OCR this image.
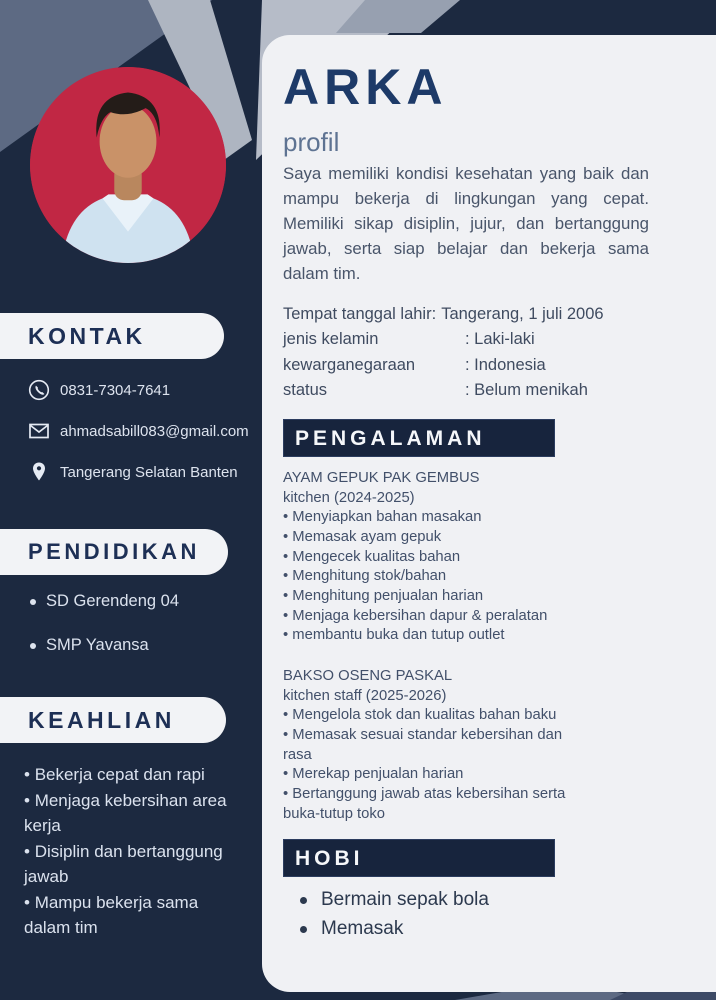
KONTAK
0831-7304-7641
ahmadsabill083@gmail.com
Tangerang Selatan Banten
PENDIDIKAN
SD Gerendeng 04
SMP Yavansa
KEAHLIAN
• Bekerja cepat dan rapi
• Menjaga kebersihan area kerja
• Disiplin dan bertanggung jawab
• Mampu bekerja sama dalam tim
ARKA
profil
Saya memiliki kondisi kesehatan yang baik dan mampu bekerja di lingkungan yang cepat. Memiliki sikap disiplin, jujur, dan bertanggung jawab, serta siap belajar dan bekerja sama dalam tim.
Tempat tanggal lahir: Tangerang, 1 juli 2006
jenis kelamin	: Laki-laki
kewarganegaraan	: Indonesia
status	: Belum menikah
PENGALAMAN
AYAM GEPUK PAK GEMBUS
kitchen (2024-2025)
• Menyiapkan bahan masakan
• Memasak ayam gepuk
• Mengecek kualitas bahan
• Menghitung stok/bahan
• Menghitung penjualan harian
• Menjaga kebersihan dapur & peralatan
• membantu buka dan tutup outlet
BAKSO OSENG PASKAL
kitchen staff (2025-2026)
• Mengelola stok dan kualitas bahan baku
• Memasak sesuai standar kebersihan dan rasa
• Merekap penjualan harian
• Bertanggung jawab atas kebersihan serta buka-tutup toko
HOBI
Bermain sepak bola
Memasak
